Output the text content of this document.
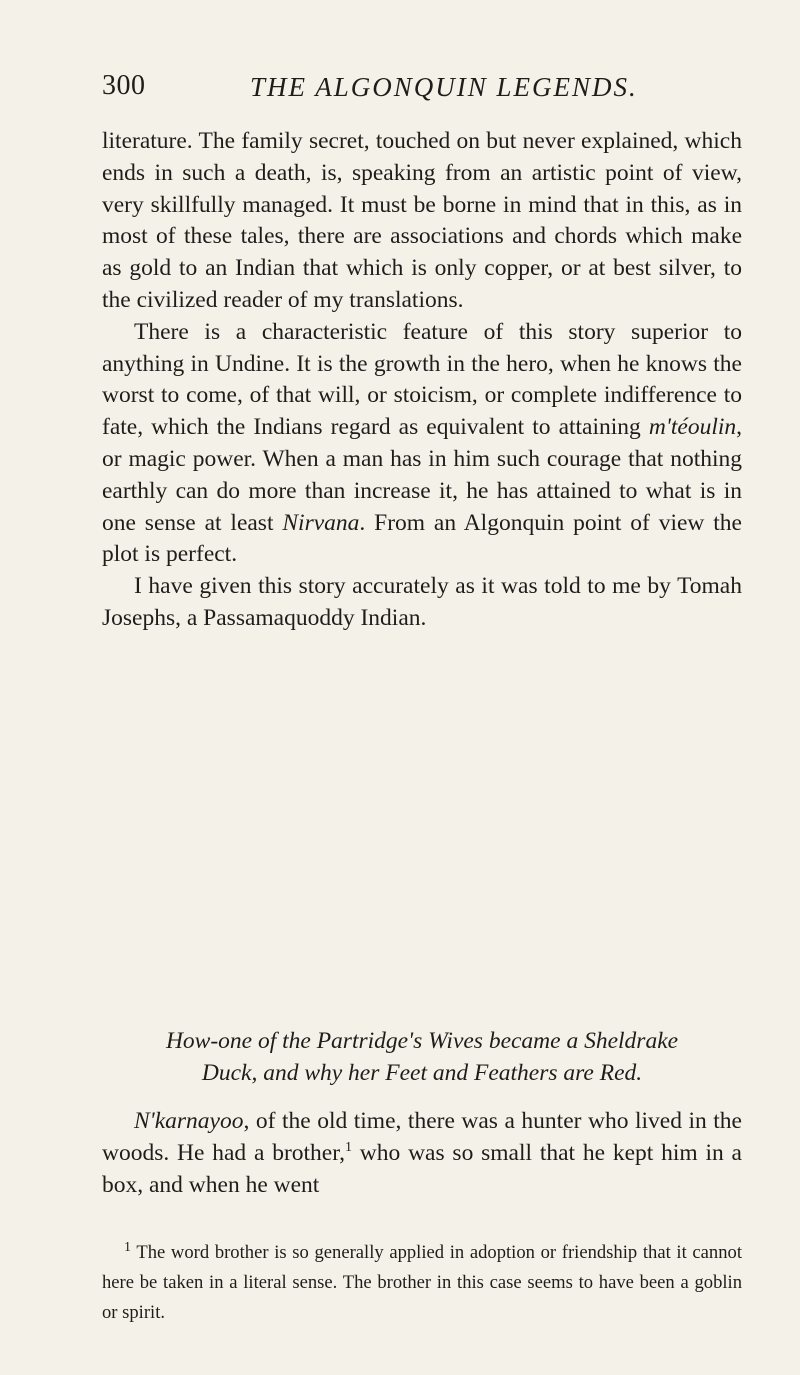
300	THE ALGONQUIN LEGENDS.

literature. The family secret, touched on but never explained, which ends in such a death, is, speaking from an artistic point of view, very skillfully managed. It must be borne in mind that in this, as in most of these tales, there are associations and chords which make as gold to an Indian that which is only copper, or at best silver, to the civilized reader of my translations.

There is a characteristic feature of this story superior to anything in Undine. It is the growth in the hero, when he knows the worst to come, of that will, or stoicism, or complete indifference to fate, which the Indians regard as equivalent to attaining m'téoulin, or magic power. When a man has in him such courage that nothing earthly can do more than increase it, he has attained to what is in one sense at least Nirvana. From an Algonquin point of view the plot is perfect.

I have given this story accurately as it was told to me by Tomah Josephs, a Passamaquoddy Indian.

How-one of the Partridge's Wives became a Sheldrake
Duck, and why her Feet and Feathers are Red.
N'karnayoo, of the old time, there was a hunter who lived in the woods. He had a brother,$^1$ who was so small that he kept him in a box, and when he went
$^1$ The word brother is so generally applied in adoption or friendship that it cannot here be taken in a literal sense. The brother in this case seems to have been a goblin or spirit.
